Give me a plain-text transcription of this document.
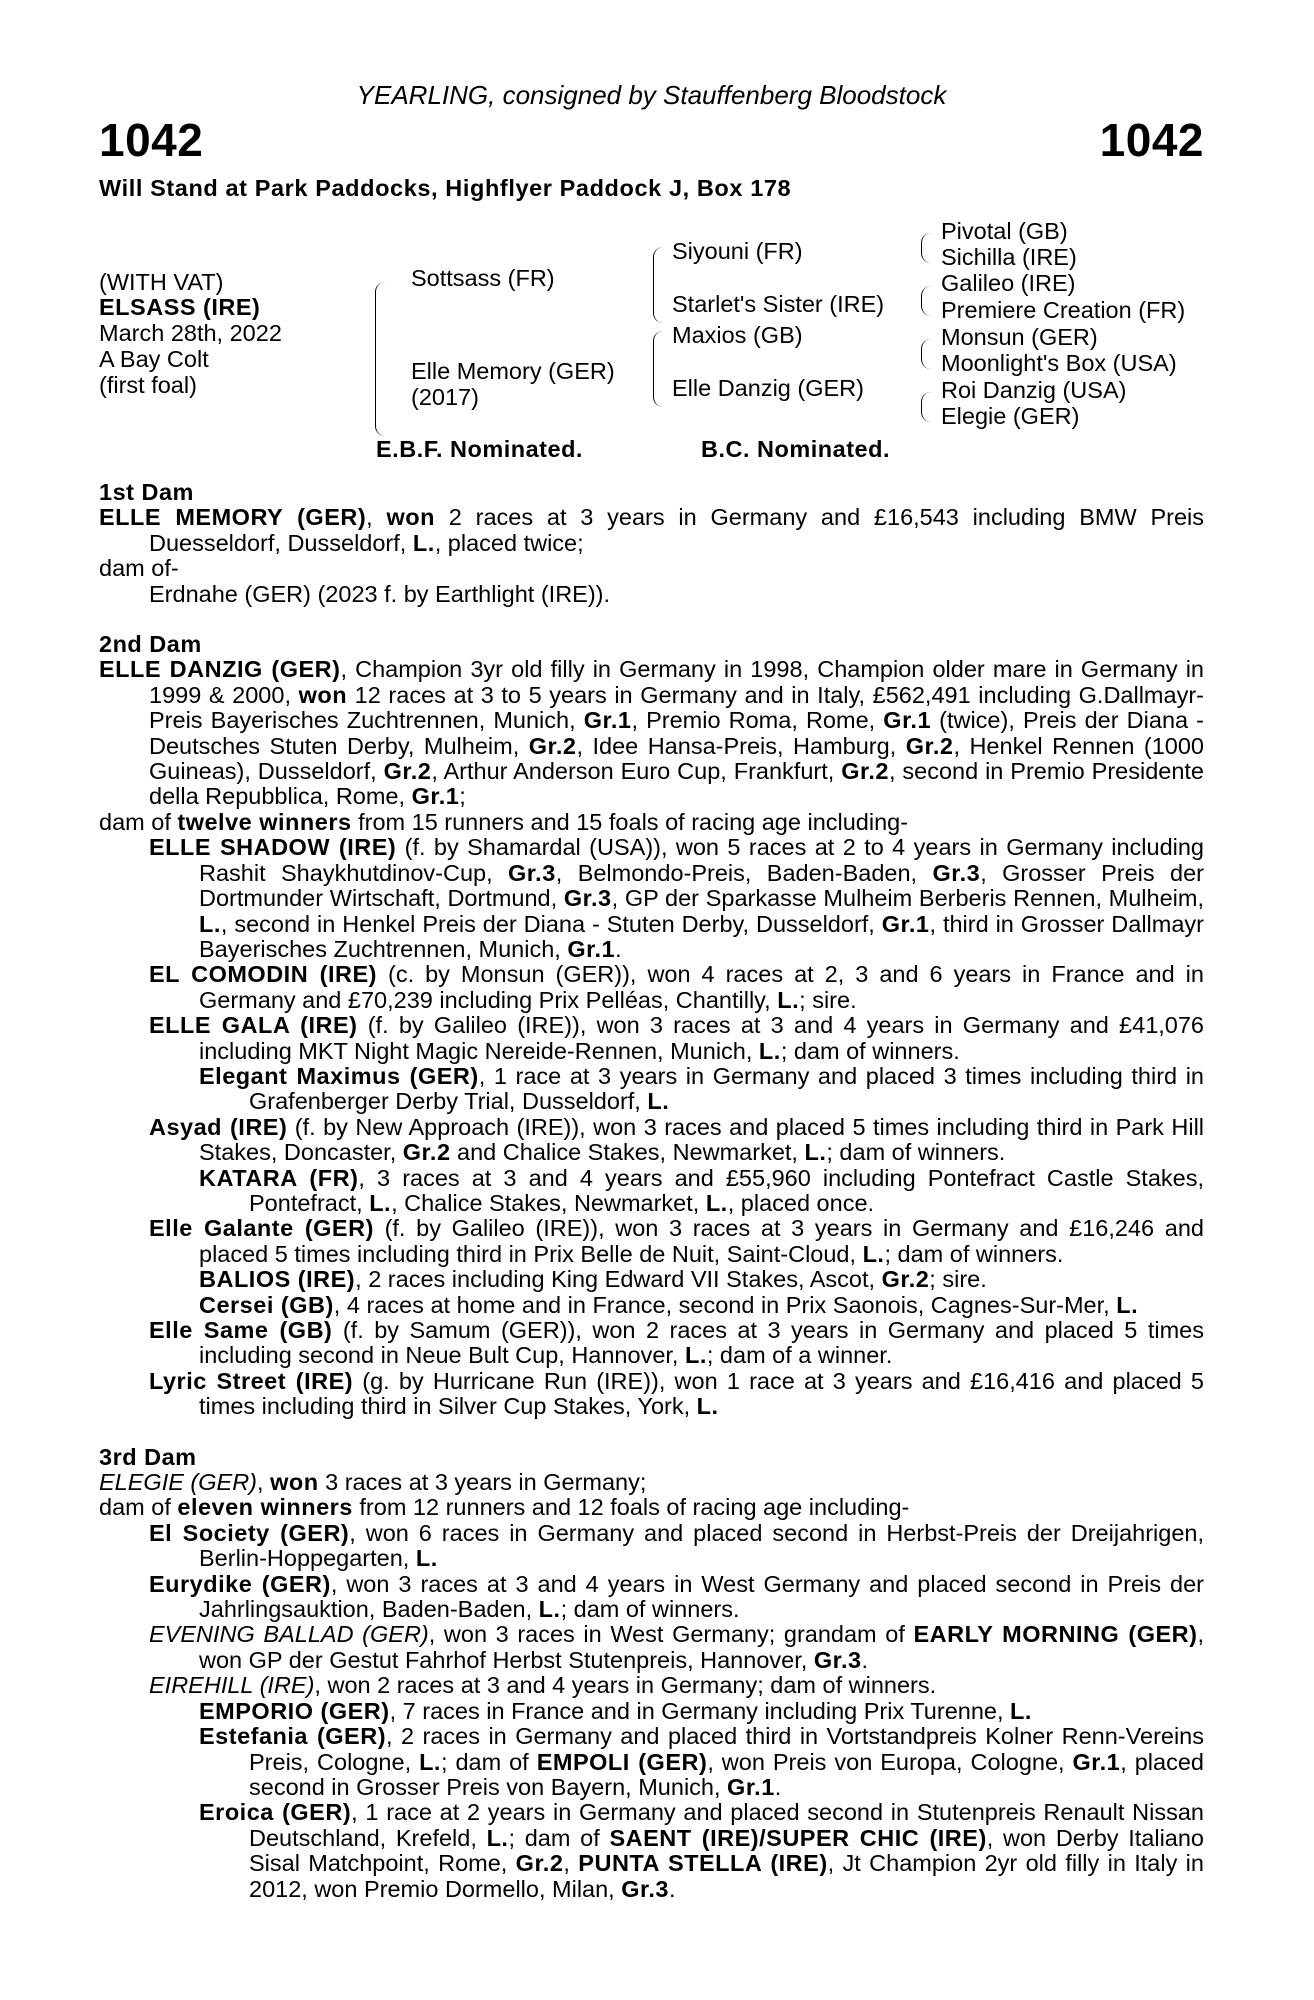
YEARLING, consigned by Stauffenberg Bloodstock
1042	1042
Will Stand at Park Paddocks, Highflyer Paddock J, Box 178
(WITH VAT)
ELSASS (IRE)
March 28th, 2022
A Bay Colt
(first foal)
Sottsass (FR)
Elle Memory (GER)
(2017)
Siyouni (FR)
Starlet's Sister (IRE)
Maxios (GB)
Elle Danzig (GER)
Pivotal (GB)
Sichilla (IRE)
Galileo (IRE)
Premiere Creation (FR)
Monsun (GER)
Moonlight's Box (USA)
Roi Danzig (USA)
Elegie (GER)
E.B.F. Nominated.	B.C. Nominated.
1st Dam

ELLE MEMORY (GER), won 2 races at 3 years in Germany and £16,543 including BMW Preis Duesseldorf, Dusseldorf, L., placed twice;

dam of-

Erdnahe (GER) (2023 f. by Earthlight (IRE)).

2nd Dam

ELLE DANZIG (GER), Champion 3yr old filly in Germany in 1998, Champion older mare in Germany in 1999 & 2000, won 12 races at 3 to 5 years in Germany and in Italy, £562,491 including G.Dallmayr-Preis Bayerisches Zuchtrennen, Munich, Gr.1, Premio Roma, Rome, Gr.1 (twice), Preis der Diana - Deutsches Stuten Derby, Mulheim, Gr.2, Idee Hansa-Preis, Hamburg, Gr.2, Henkel Rennen (1000 Guineas), Dusseldorf, Gr.2, Arthur Anderson Euro Cup, Frankfurt, Gr.2, second in Premio Presidente della Repubblica, Rome, Gr.1;

dam of twelve winners from 15 runners and 15 foals of racing age including-

ELLE SHADOW (IRE) (f. by Shamardal (USA)), won 5 races at 2 to 4 years in Germany including Rashit Shaykhutdinov-Cup, Gr.3, Belmondo-Preis, Baden-Baden, Gr.3, Grosser Preis der Dortmunder Wirtschaft, Dortmund, Gr.3, GP der Sparkasse Mulheim Berberis Rennen, Mulheim, L., second in Henkel Preis der Diana - Stuten Derby, Dusseldorf, Gr.1, third in Grosser Dallmayr Bayerisches Zuchtrennen, Munich, Gr.1.

EL COMODIN (IRE) (c. by Monsun (GER)), won 4 races at 2, 3 and 6 years in France and in Germany and £70,239 including Prix Pelléas, Chantilly, L.; sire.

ELLE GALA (IRE) (f. by Galileo (IRE)), won 3 races at 3 and 4 years in Germany and £41,076 including MKT Night Magic Nereide-Rennen, Munich, L.; dam of winners.

Elegant Maximus (GER), 1 race at 3 years in Germany and placed 3 times including third in Grafenberger Derby Trial, Dusseldorf, L.

Asyad (IRE) (f. by New Approach (IRE)), won 3 races and placed 5 times including third in Park Hill Stakes, Doncaster, Gr.2 and Chalice Stakes, Newmarket, L.; dam of winners.

KATARA (FR), 3 races at 3 and 4 years and £55,960 including Pontefract Castle Stakes, Pontefract, L., Chalice Stakes, Newmarket, L., placed once.

Elle Galante (GER) (f. by Galileo (IRE)), won 3 races at 3 years in Germany and £16,246 and placed 5 times including third in Prix Belle de Nuit, Saint-Cloud, L.; dam of winners.

BALIOS (IRE), 2 races including King Edward VII Stakes, Ascot, Gr.2; sire.

Cersei (GB), 4 races at home and in France, second in Prix Saonois, Cagnes-Sur-Mer, L.

Elle Same (GB) (f. by Samum (GER)), won 2 races at 3 years in Germany and placed 5 times including second in Neue Bult Cup, Hannover, L.; dam of a winner.

Lyric Street (IRE) (g. by Hurricane Run (IRE)), won 1 race at 3 years and £16,416 and placed 5 times including third in Silver Cup Stakes, York, L.

3rd Dam

ELEGIE (GER), won 3 races at 3 years in Germany;

dam of eleven winners from 12 runners and 12 foals of racing age including-

El Society (GER), won 6 races in Germany and placed second in Herbst-Preis der Dreijahrigen, Berlin-Hoppegarten, L.

Eurydike (GER), won 3 races at 3 and 4 years in West Germany and placed second in Preis der Jahrlingsauktion, Baden-Baden, L.; dam of winners.

EVENING BALLAD (GER), won 3 races in West Germany; grandam of EARLY MORNING (GER), won GP der Gestut Fahrhof Herbst Stutenpreis, Hannover, Gr.3.

EIREHILL (IRE), won 2 races at 3 and 4 years in Germany; dam of winners.

EMPORIO (GER), 7 races in France and in Germany including Prix Turenne, L.

Estefania (GER), 2 races in Germany and placed third in Vortstandpreis Kolner Renn-Vereins Preis, Cologne, L.; dam of EMPOLI (GER), won Preis von Europa, Cologne, Gr.1, placed second in Grosser Preis von Bayern, Munich, Gr.1.

Eroica (GER), 1 race at 2 years in Germany and placed second in Stutenpreis Renault Nissan Deutschland, Krefeld, L.; dam of SAENT (IRE)/SUPER CHIC (IRE), won Derby Italiano Sisal Matchpoint, Rome, Gr.2, PUNTA STELLA (IRE), Jt Champion 2yr old filly in Italy in 2012, won Premio Dormello, Milan, Gr.3.
